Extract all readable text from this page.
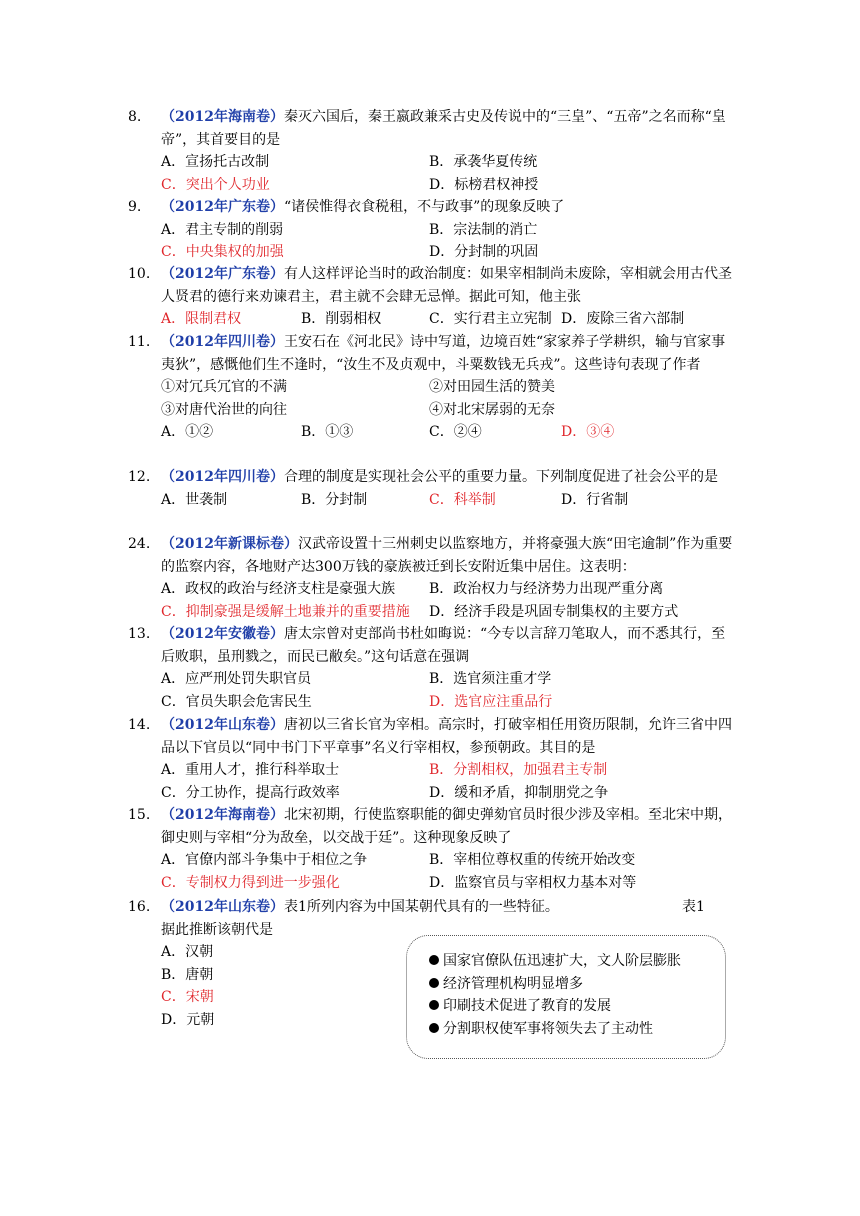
8. （2012年海南卷）秦灭六国后，秦王嬴政兼采古史及传说中的“三皇”、“五帝”之名而称“皇帝”，其首要目的是
A．宣扬托古改制	B．承袭华夏传统
C．突出个人功业	D．标榜君权神授
9. （2012年广东卷）“诸侯惟得衣食税租，不与政事”的现象反映了
A．君主专制的削弱	B．宗法制的消亡
C．中央集权的加强	D．分封制的巩固
10. （2012年广东卷）有人这样评论当时的政治制度：如果宰相制尚未废除，宰相就会用古代圣人贤君的德行来劝谏君主，君主就不会肆无忌惮。据此可知，他主张
A．限制君权	B．削弱相权	C．实行君主立宪制 D．废除三省六部制
11. （2012年四川卷）王安石在《河北民》诗中写道，边境百姓“家家养子学耕织，输与官家事夷狄”，感慨他们生不逢时，“汝生不及贞观中，斗粟数钱无兵戎”。这些诗句表现了作者
①对冗兵冗官的不满	②对田园生活的赞美
③对唐代治世的向往	④对北宋孱弱的无奈
A．①②	B．①③	C．②④	D．③④
12. （2012年四川卷）合理的制度是实现社会公平的重要力量。下列制度促进了社会公平的是
A．世袭制	B．分封制	C．科举制	D．行省制
24. （2012年新课标卷）汉武帝设置十三州刺史以监察地方，并将豪强大族“田宅逾制”作为重要的监察内容，各地财产达300万钱的豪族被迁到长安附近集中居住。这表明：
A．政权的政治与经济支柱是豪强大族 B．政治权力与经济势力出现严重分离
C．抑制豪强是缓解土地兼并的重要措施 D．经济手段是巩固专制集权的主要方式
13. （2012年安徽卷）唐太宗曾对吏部尚书杜如晦说：“今专以言辞刀笔取人，而不悉其行，至后败职，虽刑戮之，而民已敝矣。”这句话意在强调
A．应严刑处罚失职官员	B．选官须注重才学
C．官员失职会危害民生	D．选官应注重品行
14. （2012年山东卷）唐初以三省长官为宰相。高宗时，打破宰相任用资历限制，允许三省中四品以下官员以“同中书门下平章事”名义行宰相权，参预朝政。其目的是
A．重用人才，推行科举取士	B．分割相权，加强君主专制
C．分工协作，提高行政效率	D．缓和矛盾，抑制朋党之争
15. （2012年海南卷）北宋初期，行使监察职能的御史弹劾官员时很少涉及宰相。至北宋中期，御史则与宰相“分为敌垒，以交战于廷”。这种现象反映了
A．官僚内部斗争集中于相位之争	B．宰相位尊权重的传统开始改变
C．专制权力得到进一步强化	D．监察官员与宰相权力基本对等
16. （2012年山东卷）表1所列内容为中国某朝代具有的一些特征。
据此推断该朝代是
A．汉朝
B．唐朝
C．宋朝
D．元朝
表1
国家官僚队伍迅速扩大，文人阶层膨胀
经济管理机构明显增多
印刷技术促进了教育的发展
分割职权使军事将领失去了主动性
